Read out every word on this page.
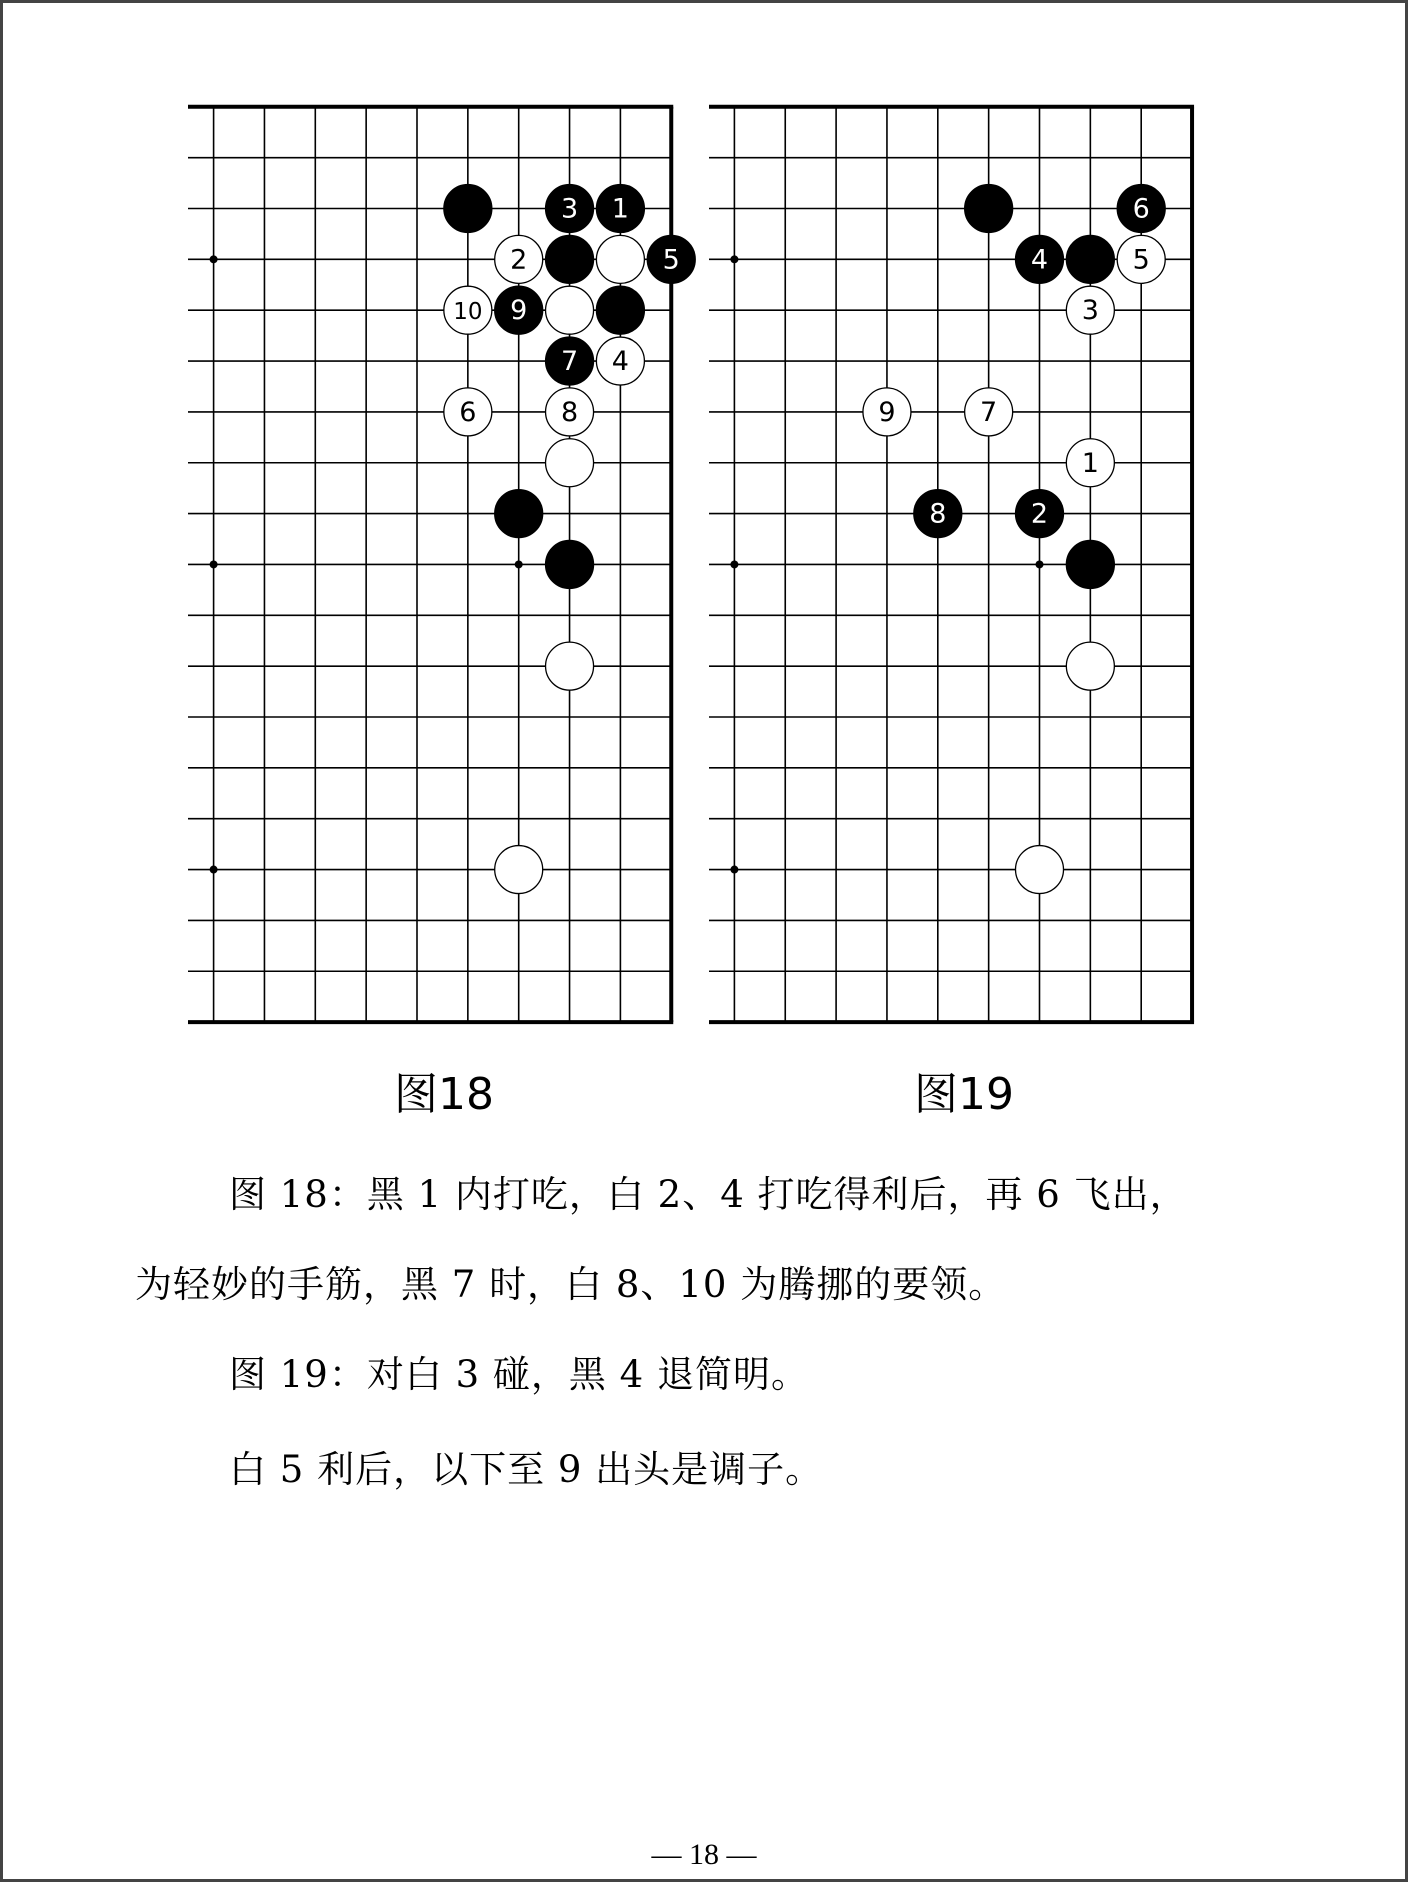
3 1
2	5
10 9
7 4
6	8
6
4	5
3
9	7
1
8	2
图18	图19
图 18：黑 1 内打吃，白 2、4 打吃得利后，再 6 飞出，
为轻妙的手筋，黑 7 时，白 8、10 为腾挪的要领。
图 19：对白 3 碰，黑 4 退简明。
白 5 利后，以下至 9 出头是调子。
— 18 —
